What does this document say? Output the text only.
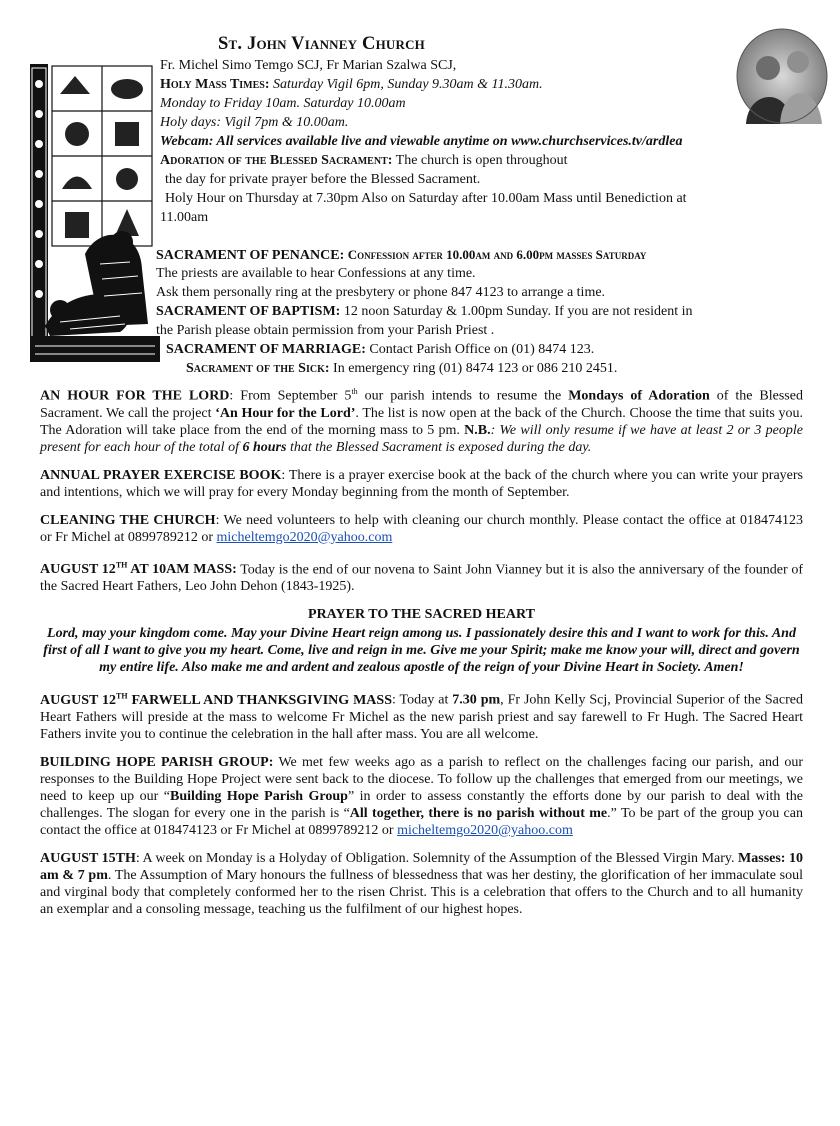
St. John Vianney Church
Fr. Michel Simo Temgo SCJ, Fr Marian Szalwa SCJ,
Holy Mass Times: Saturday Vigil 6pm, Sunday 9.30am & 11.30am.
Monday to Friday 10am. Saturday 10.00am
Holy days: Vigil 7pm & 10.00am.
Webcam: All services available live and viewable anytime on www.churchservices.tv/ardlea
Adoration of the Blessed Sacrament: The church is open throughout
the day for private prayer before the Blessed Sacrament.
Holy Hour on Thursday at 7.30pm Also on Saturday after 10.00am Mass until Benediction at
11.00am
SACRAMENT OF PENANCE: Confession after 10.00am and 6.00pm masses Saturday
The priests are available to hear Confessions at any time.
Ask them personally ring at the presbytery or phone 847 4123 to arrange a time.
SACRAMENT OF BAPTISM: 12 noon Saturday & 1.00pm Sunday. If you are not resident in
the Parish please obtain permission from your Parish Priest .
SACRAMENT OF MARRIAGE: Contact Parish Office on (01) 8474 123.
Sacrament of the Sick: In emergency ring (01) 8474 123 or 086 210 2451.

AN HOUR FOR THE LORD: From September 5th our parish intends to resume the Mondays of Adoration of the Blessed Sacrament. We call the project ‘An Hour for the Lord’. The list is now open at the back of the Church. Choose the time that suits you. The Adoration will take place from the end of the morning mass to 5 pm. N.B.: We will only resume if we have at least 2 or 3 people present for each hour of the total of 6 hours that the Blessed Sacrament is exposed during the day.

ANNUAL PRAYER EXERCISE BOOK: There is a prayer exercise book at the back of the church where you can write your prayers and intentions, which we will pray for every Monday beginning from the month of September.

CLEANING THE CHURCH: We need volunteers to help with cleaning our church monthly. Please contact the office at 018474123 or Fr Michel at 0899789212 or micheltemgo2020@yahoo.com

AUGUST 12TH AT 10AM MASS: Today is the end of our novena to Saint John Vianney but it is also the anniversary of the founder of the Sacred Heart Fathers, Leo John Dehon (1843-1925).

PRAYER TO THE SACRED HEART
Lord, may your kingdom come. May your Divine Heart reign among us. I passionately desire this and I want to work for this. And first of all I want to give you my heart. Come, live and reign in me. Give me your Spirit; make me know your will, direct and govern my entire life. Also make me and ardent and zealous apostle of the reign of your Divine Heart in Society. Amen!

AUGUST 12TH FARWELL AND THANKSGIVING MASS: Today at 7.30 pm, Fr John Kelly Scj, Provincial Superior of the Sacred Heart Fathers will preside at the mass to welcome Fr Michel as the new parish priest and say farewell to Fr Hugh. The Sacred Heart Fathers invite you to continue the celebration in the hall after mass. You are all welcome.

BUILDING HOPE PARISH GROUP: We met few weeks ago as a parish to reflect on the challenges facing our parish, and our responses to the Building Hope Project were sent back to the diocese. To follow up the challenges that emerged from our meetings, we need to keep up our “Building Hope Parish Group” in order to assess constantly the efforts done by our parish to deal with the challenges. The slogan for every one in the parish is “All together, there is no parish without me.” To be part of the group you can contact the office at 018474123 or Fr Michel at 0899789212 or micheltemgo2020@yahoo.com

AUGUST 15TH: A week on Monday is a Holyday of Obligation. Solemnity of the Assumption of the Blessed Virgin Mary. Masses: 10 am & 7 pm. The Assumption of Mary honours the fullness of blessedness that was her destiny, the glorification of her immaculate soul and virginal body that completely conformed her to the risen Christ. This is a celebration that offers to the Church and to all humanity an exemplar and a consoling message, teaching us the fulfilment of our highest hopes.
